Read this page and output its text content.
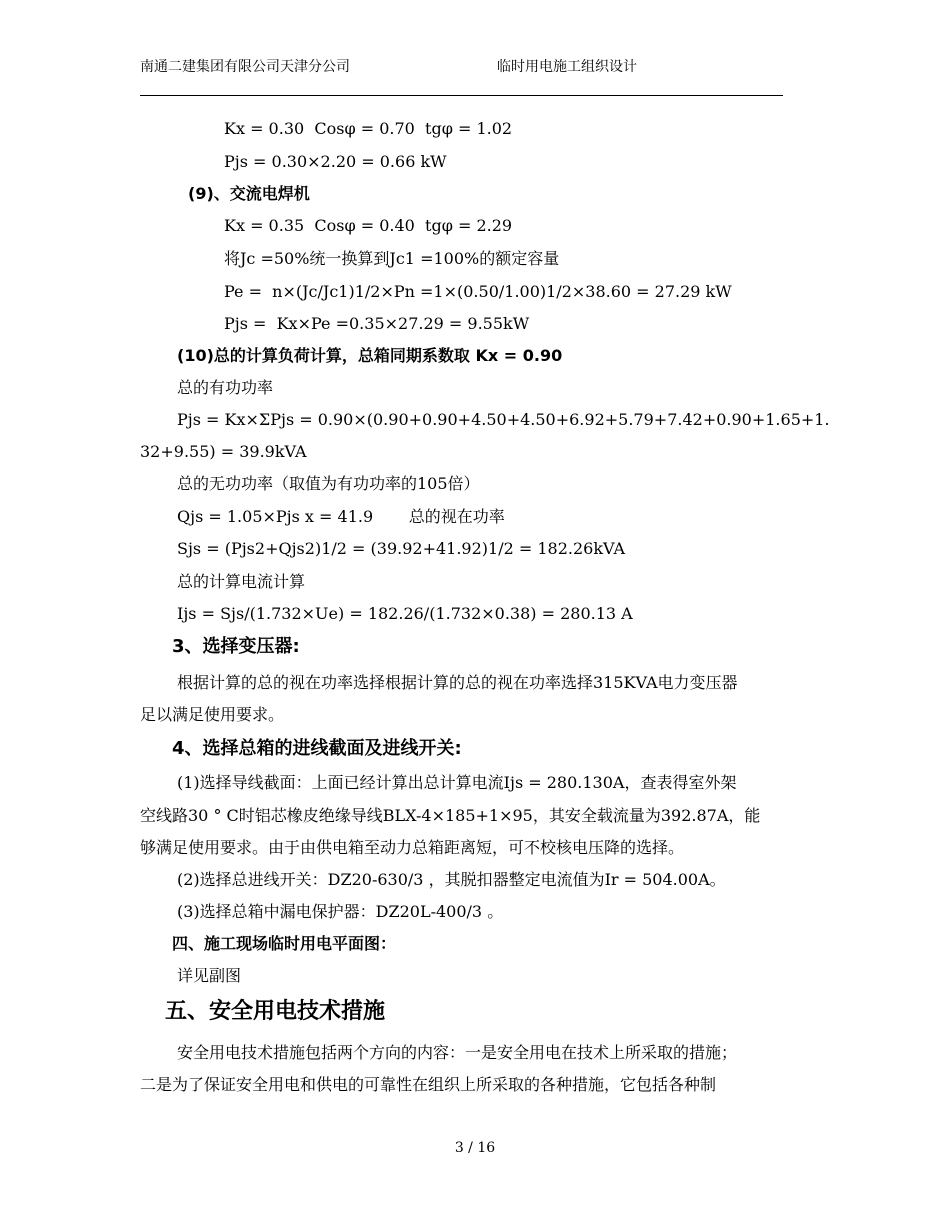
南通二建集团有限公司天津分公司	临时用电施工组织设计
Kx = 0.30  Cosφ = 0.70  tgφ = 1.02
Pjs = 0.30×2.20 = 0.66 kW
(9)、交流电焊机
Kx = 0.35  Cosφ = 0.40  tgφ = 2.29
将Jc =50%统一换算到Jc1 =100%的额定容量
Pe =  n×(Jc/Jc1)1/2×Pn =1×(0.50/1.00)1/2×38.60 = 27.29 kW
Pjs =  Kx×Pe =0.35×27.29 = 9.55kW
(10)总的计算负荷计算，总箱同期系数取 Kx = 0.90
总的有功功率
Pjs = Kx×ΣPjs = 0.90×(0.90+0.90+4.50+4.50+6.92+5.79+7.42+0.90+1.65+1.
32+9.55) = 39.9kVA
总的无功功率（取值为有功功率的105倍）
Qjs = 1.05×Pjs x = 41.9       总的视在功率
Sjs = (Pjs2+Qjs2)1/2 = (39.92+41.92)1/2 = 182.26kVA
总的计算电流计算
Ijs = Sjs/(1.732×Ue) = 182.26/(1.732×0.38) = 280.13 A
3、选择变压器:
根据计算的总的视在功率选择根据计算的总的视在功率选择315KVA电力变压器
足以满足使用要求。
4、选择总箱的进线截面及进线开关:
(1)选择导线截面：上面已经计算出总计算电流Ijs = 280.130A，查表得室外架
空线路30 ° C时铝芯橡皮绝缘导线BLX-4×185+1×95，其安全载流量为392.87A，能
够满足使用要求。由于由供电箱至动力总箱距离短，可不校核电压降的选择。
(2)选择总进线开关：DZ20-630/3 ，其脱扣器整定电流值为Ir = 504.00A。
(3)选择总箱中漏电保护器：DZ20L-400/3 。
四、施工现场临时用电平面图：
详见副图
五、安全用电技术措施
安全用电技术措施包括两个方向的内容：一是安全用电在技术上所采取的措施；
二是为了保证安全用电和供电的可靠性在组织上所采取的各种措施，它包括各种制
3 / 16
